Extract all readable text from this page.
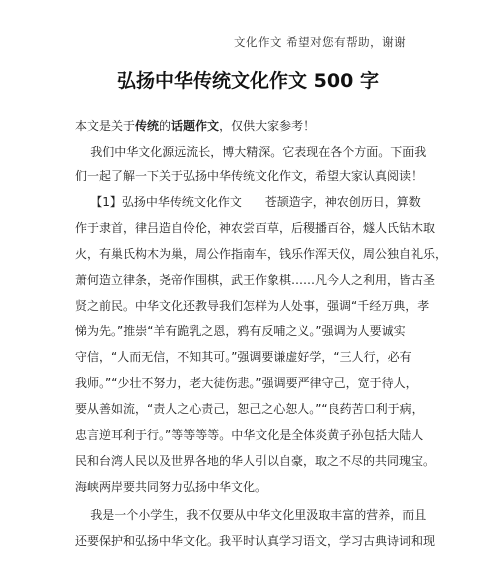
文化作文 希望对您有帮助，谢谢
弘扬中华传统文化作文 500 字
本文是关于传统的话题作文，仅供大家参考！
我们中华文化源远流长，博大精深。它表现在各个方面。下面我
们一起了解一下关于弘扬中华传统文化作文，希望大家认真阅读！
【1】弘扬中华传统文化作文      苍颉造字，神农创历日，算数
作于隶首，律吕造自伶伦，神农尝百草，后稷播百谷，燧人氏钻木取
火，有巢氏构木为巢，周公作指南车，钱乐作浑天仪，周公独自礼乐，
萧何造立律条，尧帝作围棋，武王作象棋……凡今人之利用，皆古圣
贤之前民。中华文化还教导我们怎样为人处事，强调“千经万典，孝
悌为先。”推崇“羊有跪乳之恩，鸦有反哺之义。”强调为人要诚实
守信，“人而无信，不知其可。”强调要谦虚好学，“三人行，必有
我师。”“少壮不努力，老大徒伤悲。”强调要严律守己，宽于待人，
要从善如流，“责人之心责己，恕己之心恕人。”“良药苦口利于病，
忠言逆耳利于行。”等等等等。中华文化是全体炎黄子孙包括大陆人
民和台湾人民以及世界各地的华人引以自豪，取之不尽的共同瑰宝。
海峡两岸要共同努力弘扬中华文化。
我是一个小学生，我不仅要从中华文化里汲取丰富的营养，而且
还要保护和弘扬中华文化。我平时认真学习语文，学习古典诗词和现
